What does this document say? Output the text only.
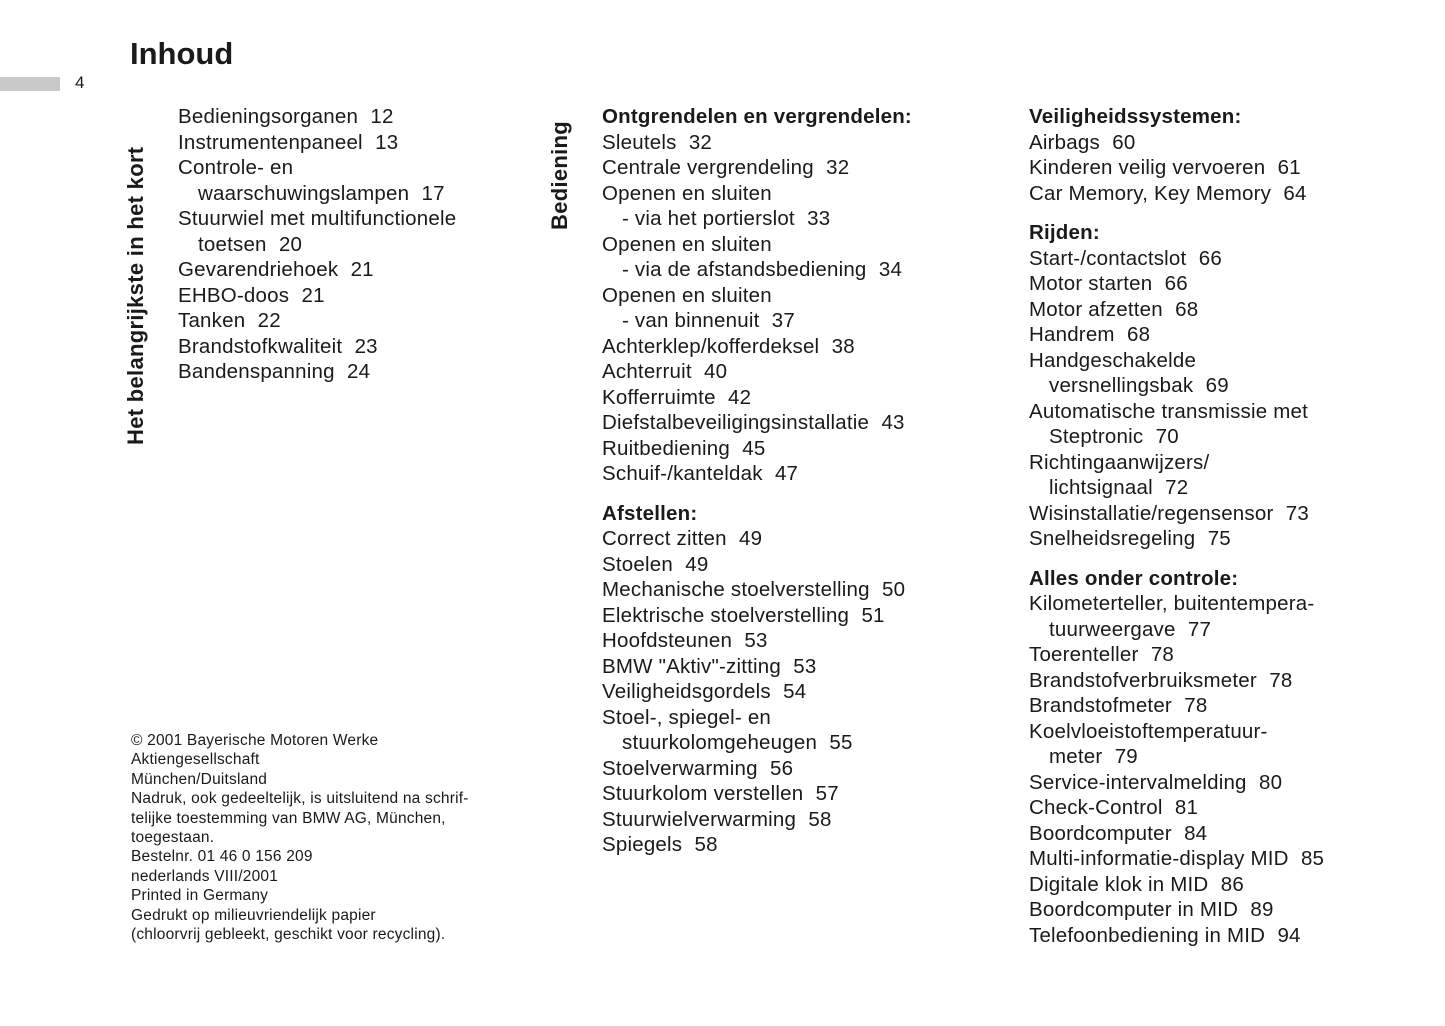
4
Inhoud
Het belangrijkste in het kort	Bediening
Bedieningsorganen 12
Instrumentenpaneel 13
Controle- en
waarschuwingslampen 17
Stuurwiel met multifunctionele
toetsen 20
Gevarendriehoek 21
EHBO-doos 21
Tanken 22
Brandstofkwaliteit 23
Bandenspanning 24
Ontgrendelen en vergrendelen:
Sleutels 32
Centrale vergrendeling 32
Openen en sluiten
- via het portierslot 33
Openen en sluiten
- via de afstandsbediening 34
Openen en sluiten
- van binnenuit 37
Achterklep/kofferdeksel 38
Achterruit 40
Kofferruimte 42
Diefstalbeveiligingsinstallatie 43
Ruitbediening 45
Schuif-/kanteldak 47
Afstellen:
Correct zitten 49
Stoelen 49
Mechanische stoelverstelling 50
Elektrische stoelverstelling 51
Hoofdsteunen 53
BMW "Aktiv"-zitting 53
Veiligheidsgordels 54
Stoel-, spiegel- en
stuurkolomgeheugen 55
Stoelverwarming 56
Stuurkolom verstellen 57
Stuurwielverwarming 58
Spiegels 58
Veiligheidssystemen:
Airbags 60
Kinderen veilig vervoeren 61
Car Memory, Key Memory 64
Rijden:
Start-/contactslot 66
Motor starten 66
Motor afzetten 68
Handrem 68
Handgeschakelde
versnellingsbak 69
Automatische transmissie met
Steptronic 70
Richtingaanwijzers/
lichtsignaal 72
Wisinstallatie/regensensor 73
Snelheidsregeling 75
Alles onder controle:
Kilometerteller, buitentempera-
tuurweergave 77
Toerenteller 78
Brandstofverbruiksmeter 78
Brandstofmeter 78
Koelvloeistoftemperatuur-
meter 79
Service-intervalmelding 80
Check-Control 81
Boordcomputer 84
Multi-informatie-display MID 85
Digitale klok in MID 86
Boordcomputer in MID 89
Telefoonbediening in MID 94
© 2001 Bayerische Motoren Werke
Aktiengesellschaft
München/Duitsland
Nadruk, ook gedeeltelijk, is uitsluitend na schrif-
telijke toestemming van BMW AG, München,
toegestaan.
Bestelnr. 01 46 0 156 209
nederlands VIII/2001
Printed in Germany
Gedrukt op milieuvriendelijk papier
(chloorvrij gebleekt, geschikt voor recycling).
